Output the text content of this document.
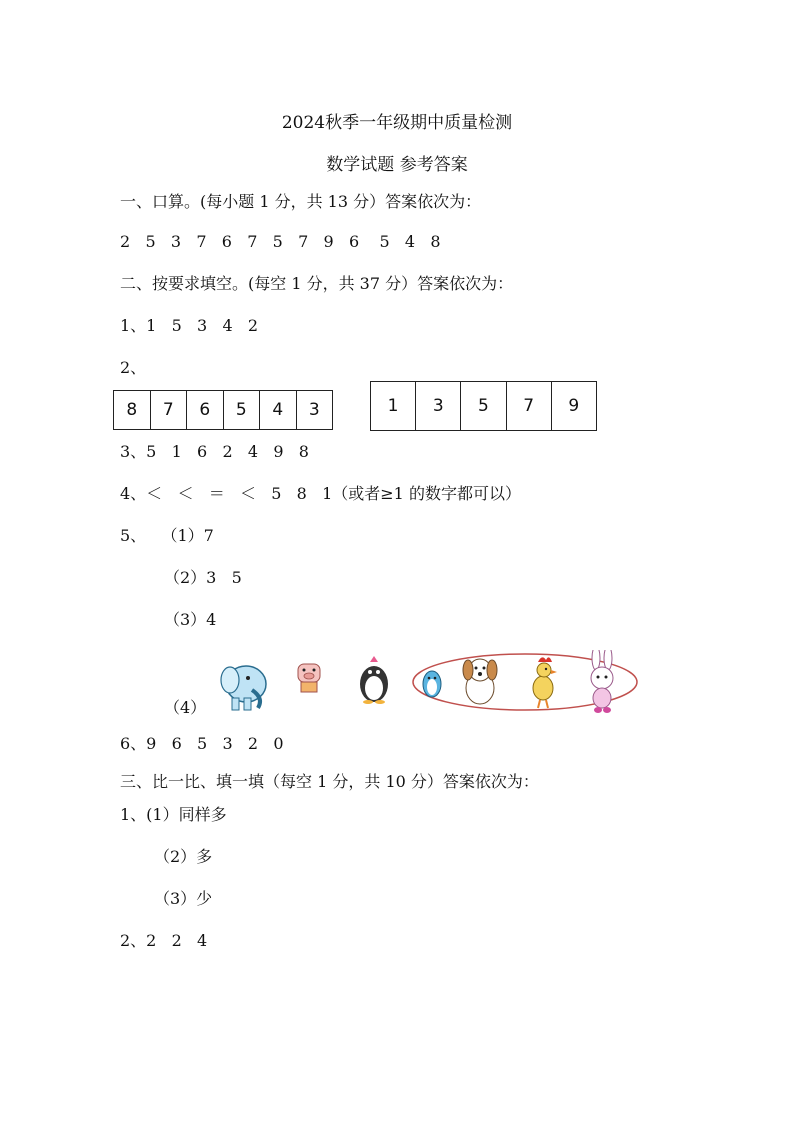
2024秋季一年级期中质量检测
数学试题 参考答案
一、口算。(每小题 1 分，共 13 分）答案依次为：
2   5   3   7   6   7   5   7   9   6    5   4   8
二、按要求填空。(每空 1 分，共 37 分）答案依次为：
1、1   5   3   4   2
2、
8	7	6	5	4	3	1	3	5	7	9
3、5   1   6   2   4   9   8
4、＜   ＜   ＝   ＜   5   8   1（或者≥1 的数字都可以）
5、   （1）7
（2）3   5
（3）4
（4）
6、9   6   5   3   2   0
三、比一比、填一填（每空 1 分，共 10 分）答案依次为：
1、(1）同样多
（2）多
（3）少
2、2   2   4
